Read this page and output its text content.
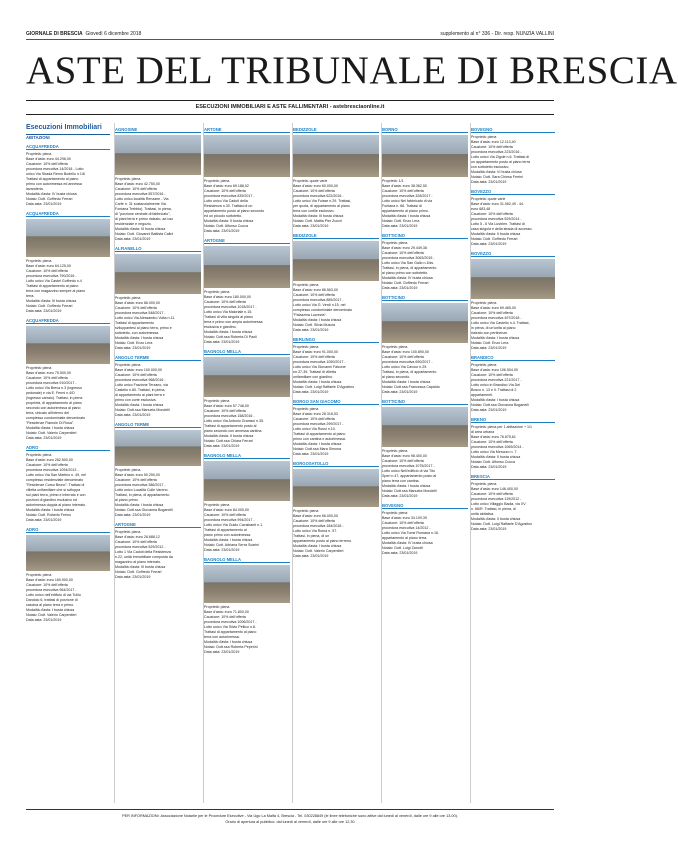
GIORNALE DI BRESCIA Giovedì 6 dicembre 2018	supplemento al n° 336 - Dir. resp. NUNZIA VALLINI
ASTE DEL TRIBUNALE DI BRESCIA
ESECUZIONI IMMOBILIARI E ASTE FALLIMENTARI - astebresciaonline.it
Esecuzioni Immobiliari
ABITAZIONI
ACQUAFREDDA
Proprietà: piena
Base d'asta: euro 44.296,00
Cauzione: 10% dell'offerta
procedura esecutiva 14/2018 - Lotto
unico Via Strada Remo Bodello n.1/6
Trattasi di appartamento al piano
primo con autorimessa ed annessa
lavanderia.
Modalità d'asta: IV busta chiusa
Notaio: Dott. Goffredo Ferrari
Data asta: 23/01/2019
ACQUAFREDDA
Proprietà: piena
Base d'asta: euro 64.125,00
Cauzione: 10% dell'offerta
procedura esecutiva 790/2016 -
Lotto unico Via Castel Goffredo n.4
Trattasi di appartamento al piano
terra con magazzino sempre al piano
terra.
Modalità d'asta: III busta chiusa
Notaio: Dott. Goffredo Ferrari
Data asta: 23/01/2019
ACQUAFREDDA
Proprietà: piena
Base d'asta: euro 75.500,00
Cauzione: 10% dell'offerta
procedura esecutiva 910/2017 -
Lotto unico Via Breva n.3 (ingresso
pedonale) e via E. Fermi n.4/D
(ingresso carraio). Trattasi, in piena
proprietà, di appartamento al piano
secondo con autorimessa al piano
terra, ubicato all'interno del
complesso condominiale denominato
"Residenze Fiamule Di Rosa".
Modalità d'asta: I busta chiusa
Notaio: Dott. Valerio Carpentieri
Data asta: 23/01/2019
ADRO
Proprietà: piena
Base d'asta: euro 262.500,00
Cauzione: 10% dell'offerta
procedura esecutiva 1094/2013 -
Lotto unico Via San Martino n. 49, nel
complesso residenziale denominato
"Residenze Corso Bruno". Trattasi di
villetta unifamiliare che si sviluppa
sui piani terra, primo e interrato e con
porzioni di giardino esclusivo ed
autorimessa doppia al piano interrato.
Modalità d'asta: I busta chiusa
Notaio: Dott. Roberto Ferino
Data asta: 23/01/2019
ADRO
Proprietà: piena
Base d'asta: euro 160.900,00
Cauzione: 10% dell'offerta
procedura esecutiva 964/2017 -
Lotto unico nell'edificio di via Tullio
Dandolo 6, trattasi di porzione di
cascina al piano terra e primo.
Modalità d'asta: I busta chiusa
Notaio: Dott. Valerio Carpentieri
Data asta: 23/01/2019
AGNOSINE
Proprietà: piena
Base d'asta: euro 42.750,00
Cauzione: 10% dell'offerta
procedura esecutiva 557/2016 -
Lotto unico località Renzane - Via
Carfe n. 31 sostanzialmente Via
Fontana Trebbio). Trattasi, in piena,
di "porzione centrale di fabbricato",
di piani terra e primo rialzato, ad uso
residenziale e negozio.
Modalità d'asta: III busta chiusa
Notaio: Dott. Giovanni Battista Calini
Data asta: 23/01/2019
ALFIANELLO
Proprietà: piena
Base d'asta: euro 86.000,00
Cauzione: 10% dell'offerta
procedura esecutiva 548/2017 -
Lotto unico Via Alessandro Volta n.11.
Trattasi di appartamento
sviluppantesi al piano terra, primo e
sottotetto, con autorimessa.
Modalità d'asta: I busta chiusa
Notaio: Dott. Enzo Lera
Data asta: 23/01/2019
ANGOLO TERME
Proprietà: piena
Base d'asta: euro 100.000,00
Cauzione: 10% dell'offerta
procedura esecutiva 968/2016 -
Lotto unico Frazione Terzano, via
Castello n.80. Trattasi, in piena,
di appartamento ai piani terra e
primo con corte esclusiva.
Modalità d'asta: I busta chiusa
Notaio: Dott.ssa Manuela Mondelli
Data asta: 23/01/2019
ANGOLO TERME
Proprietà: piena
Base d'asta: euro 50.250,00
Cauzione: 10% dell'offerta
procedura esecutiva 386/2017 -
Lotto unico Località Colle Vareno.
Trattasi, in piena, di appartamento
al piano primo.
Modalità d'asta: I busta chiusa
Notaio: Dott.ssa Giovanna Boganelli
Data asta: 23/01/2019
ARTOGNE
Proprietà: piena
Base d'asta: euro 28.688,12
Cauzione: 10% dell'offerta
procedura esecutiva 529/2012 -
Lotto 1 Via Caduti della Resistenza
n.22, unità immobiliare composta da
magazzino al piano interrato.
Modalità d'asta: III busta chiusa
Notaio: Dott. Goffredo Ferrari
Data asta: 23/01/2019
ARTONE
Proprietà: piena
Base d'asta: euro 69.188,02
Cauzione: 10% dell'offerta
procedura esecutiva 839/2017 -
Lotto unico Via Caduti della
Resistenza n.30. Trattasi di un
appartamento posto al piano secondo
ed un piccolo sottotetto.
Modalità d'asta: II busta chiusa
Notaio: Dott. Alfonso Cucca
Data asta: 23/01/2019
ARTOGNE
Proprietà: piena
Base d'asta: euro 180.000,00
Cauzione: 10% dell'offerta
procedura esecutiva 1018/2017 -
Lotto unico Via Maioriale n.15.
Trattasi di villa singola al piano
terra e primo con ampia autorimessa
esclusiva e giardino.
Modalità d'asta: I busta chiusa
Notaio: Dott.ssa Roberta Di Paoli
Data asta: 23/01/2019
BAGNOLO MELLA
Proprietà: piena
Base d'asta: euro 57.748,00
Cauzione: 10% dell'offerta
procedura esecutiva 158/2016 -
Lotto unico Via Antonio Gramsci n.35.
Trattasi di appartamento posto al
piano secondo con annessa cantina.
Modalità d'asta: II busta chiusa
Notaio: Dott.ssa Chiara Ferrari
Data asta: 23/01/2019
BAGNOLO MELLA
Proprietà: piena
Base d'asta: euro 84.000,00
Cauzione: 10% dell'offerta
procedura esecutiva 994/2017 -
Lotto unico Via Guido Cavalcanti n.1.
Trattasi di appartamento al
piano primo con autorimessa.
Modalità d'asta: I busta chiusa
Notaio: Dott. Adriana Serra Scarini
Data asta: 23/01/2019
BAGNOLO MELLA
Proprietà: piena
Base d'asta: euro 71.800,00
Cauzione: 10% dell'offerta
procedura esecutiva 1006/2017 -
Lotto unico Via Silvio Pellico n.8.
Trattasi di appartamento al piano
terra con autorimessa.
Modalità d'asta: I busta chiusa
Notaio: Dott.ssa Roberta Peperini
Data asta: 23/01/2019
BEDIZZOLE
Proprietà: quote varie
Base d'asta: euro 60.000,00
Cauzione: 10% dell'offerta
procedura esecutiva 622/2016 -
Lotto unico Via Fuisse n.29. Trattasi,
per quota, di appartamento al piano
terra con cortile esclusivo.
Modalità d'asta: III busta chiusa
Notaio: Dott. Mattia Pier Zuccri
Data asta: 23/01/2019
BEDIZZOLE
Proprietà: piena
Base d'asta: euro 86.563,00
Cauzione: 10% dell'offerta
procedura esecutiva 889/2017 -
Lotto unico Via G. Verdi n.15, nel
complesso condominiale denominato
"Palazzina Lucrezia".
Modalità d'asta: I busta chiusa
Notaio: Dott. Silvia Muscia
Data asta: 23/01/2019
BERLINGO
Proprietà: piena
Base d'asta: euro 91.000,00
Cauzione: 10% dell'offerta
procedura esecutiva 1050/2017 -
Lotto unico Via Giovanni Falcone
nn.37-39. Trattasi di villetta
unifamiliare con giardino.
Modalità d'asta: I busta chiusa
Notaio: Dott. Luigi Raffaele D'Agostino
Data asta: 23/01/2019
BORGO SAN GIACOMO
Proprietà: piena
Base d'asta: euro 28.318,53
Cauzione: 10% dell'offerta
procedura esecutiva 299/2017 -
Lotto unico Via Rossi n.10.
Trattasi di appartamento al piano
primo con cantina e autorimessa.
Modalità d'asta: I busta chiusa
Notaio: Dott.ssa Mara Simona
Data asta: 23/01/2019
BORGOSATOLLO
Proprietà: piena
Base d'asta: euro 66.000,00
Cauzione: 10% dell'offerta
procedura esecutiva 184/2018 -
Lotto unico Via Roma n. 57.
Trattasi, in piena, di un
appartamento posto al piano terreno.
Modalità d'asta: I busta chiusa
Notaio: Dott. Valerio Carpentieri
Data asta: 23/01/2019
BORNO
Proprietà: 1/1
Base d'asta: euro 38.362,50
Cauzione: 10% dell'offerta
procedura esecutiva 328/2017 -
Lotto unico Nel fabbricato di via
Fontana n. 68. Trattasi di
appartamento al piano primo.
Modalità d'asta: I busta chiusa
Notaio: Dott. Enzo Lera
Data asta: 23/01/2019
BOTTICINO
Proprietà: piena
Base d'asta: euro 29.449,38
Cauzione: 10% dell'offerta
procedura esecutiva 3063/2015 -
Lotto unico Via San Gallo n.1bis.
Trattasi, in piena, di appartamento
al piano primo con sottotetto.
Modalità d'asta: IV busta chiusa
Notaio: Dott. Goffredo Ferrari
Data asta: 23/01/2019
BOTTICINO
Proprietà: piena
Base d'asta: euro 100.890,00
Cauzione: 10% dell'offerta
procedura esecutiva 690/2017 -
Lotto unico Via Cavour n.29.
Trattasi, in piena, di appartamento
al piano secondo.
Modalità d'asta: I busta chiusa
Notaio: Dott.ssa Francesca Capaldo
Data asta: 23/01/2019
BOTTICINO
Proprietà: piena
Base d'asta: euro 98.400,00
Cauzione: 10% dell'offerta
procedura esecutiva 1075/2017 -
Lotto unico Nell'edificio di via Tito
Speri n.47, appartamento posto al
piano terra con cantina.
Modalità d'asta: I busta chiusa
Notaio: Dott.ssa Manuela Mondelli
Data asta: 23/01/2019
BOVEGNO
Proprietà: piena
Base d'asta: euro 34.109,39
Cauzione: 10% dell'offerta
procedura esecutiva 14/2012 -
Lotto unico Via Tome Romana n.16,
appartamento al piano terra.
Modalità d'asta: IV busta chiusa
Notaio: Dott. Luigi Zanotti
Data asta: 23/01/2019
BOVEGNO
Proprietà: piena
Base d'asta: euro 12.113,40
Cauzione: 10% dell'offerta
procedura esecutiva 223/2016 -
Lotto unico Via Zigole n.6. Trattasi di
un appartamento posto al piano terra
con sottotetto esclusivo.
Modalità d'asta: VI busta chiusa
Notaio: Dott. Sara Chiesa Ferrini
Data asta: 23/01/2019
BOVEZZO
Proprietà: quote varie
Base d'asta: euro 31.062,49 - 44.
euro 683,48
Cauzione: 10% dell'offerta
procedura esecutiva 529/2014 -
Lotto 5 - 6 Via Lustrien. Trattasi di
casa singola e della strada di accesso.
Modalità d'asta: II busta chiusa
Notaio: Dott. Goffredo Ferrari
Data asta: 23/01/2019
BOVEZZO
Proprietà: piena
Base d'asta: euro 69.465,00
Cauzione: 10% dell'offerta
procedura esecutiva 497/2018 -
Lotto unico Via Castello n.4. Trattasi,
in piena, di un'unità al piano
rialzato con pertinenze.
Modalità d'asta: I busta chiusa
Notaio: Dott. Enzo Lera
Data asta: 23/01/2019
BRANDICO
Proprietà: piena
Base d'asta: euro 106.504,00
Cauzione: 10% dell'offerta
procedura esecutiva 221/2017 -
Lotto unico in Brandico Via Del
Bosco n. 13 e Il. Trattasi di 2
appartamenti.
Modalità d'asta: I busta chiusa
Notaio: Dott.ssa Giovanna Boganelli
Data asta: 23/01/2019
BRENO
Proprietà: piena per 1 abitazione + 1/1
di area urbana
Base d'asta: euro 76.875,61
Cauzione: 10% dell'offerta
procedura esecutiva 1069/2014 -
Lotto unico Via Meruzzo n. 7.
Modalità d'asta: II busta chiusa
Notaio: Dott. Alfonso Cucca
Data asta: 23/01/2019
BRESCIA
Proprietà: piena
Base d'asta: euro 146.400,00
Cauzione: 10% dell'offerta
procedura esecutiva 119/2012 -
Lotto unico Villaggio Badia, via XV
n. 66/R. Trattasi, in piena, di
unità abitativa.
Modalità d'asta: II busta chiusa
Notaio: Dott. Luigi Raffaele D'Agostino
Data asta: 23/01/2019
PER INFORMAZIONI: Associazione Notarile per le Procedure Esecutive - Via Ugo La Malfa 4, Brescia - Tel. 030228849 (le linee telefoniche sono attive dal lunedì al venerdì, dalle ore 9 alle ore 13.00).
Orario di apertura al pubblico: dal lunedì al venerdì, dalle ore 9 alle ore 12.30
